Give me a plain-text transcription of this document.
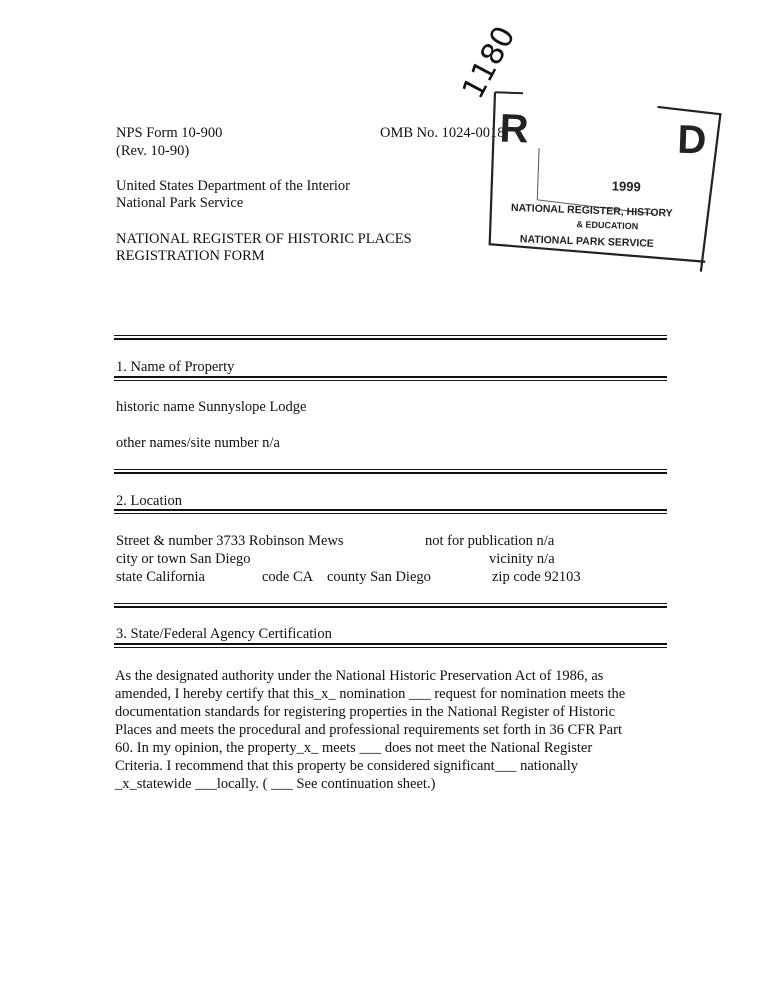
NPS Form 10-900
(Rev. 10-90)
OMB No. 1024-0018
United States Department of the Interior
National Park Service
NATIONAL REGISTER OF HISTORIC PLACES
REGISTRATION FORM
1180
R	D
1999
NATIONAL REGISTER, HISTORY
& EDUCATION
NATIONAL PARK SERVICE
1. Name of Property
historic name Sunnyslope Lodge
other names/site number n/a
2. Location
Street & number 3733 Robinson Mews	not for publication n/a
city or town San Diego	vicinity n/a
state California	code CA county San Diego	zip code 92103
3. State/Federal Agency Certification
As the designated authority under the National Historic Preservation Act of 1986, as
amended, I hereby certify that this_x_ nomination ___ request for nomination meets the
documentation standards for registering properties in the National Register of Historic
Places and meets the procedural and professional requirements set forth in 36 CFR Part
60. In my opinion, the property_x_ meets ___ does not meet the National Register
Criteria. I recommend that this property be considered significant___ nationally
_x_statewide ___locally. ( ___ See continuation sheet.)
